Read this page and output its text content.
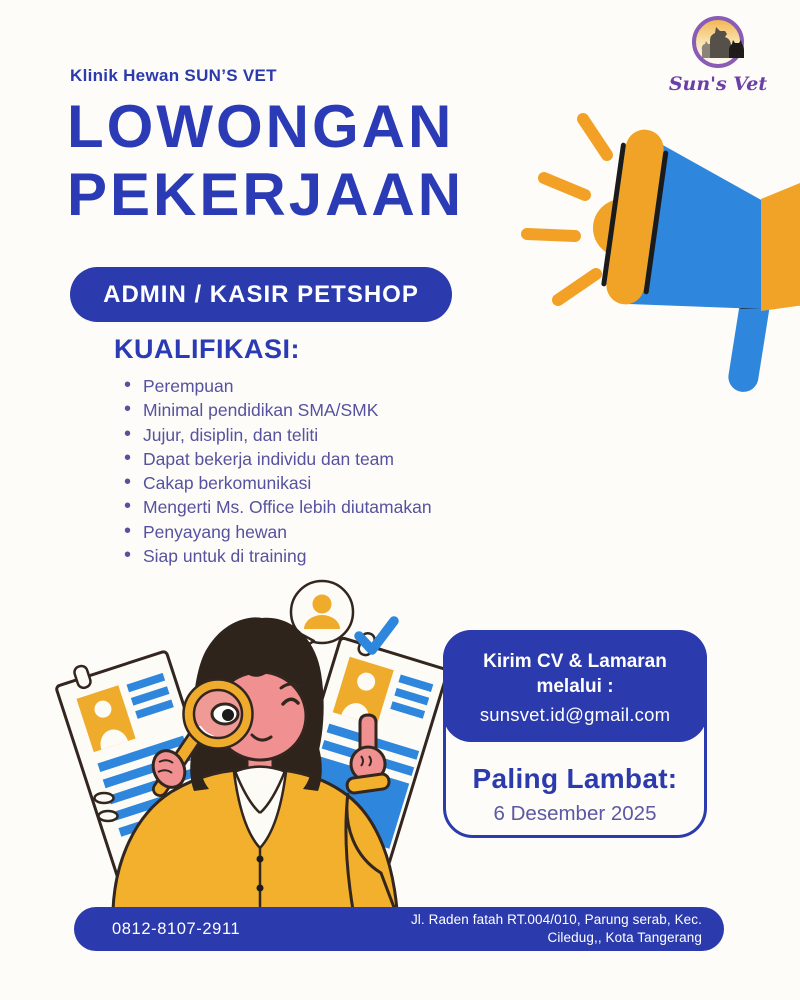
Klinik Hewan SUN’S VET	Sun's Vet
LOWONGAN
PEKERJAAN
ADMIN / KASIR PETSHOP
KUALIFIKASI:
• Perempuan
• Minimal pendidikan SMA/SMK
• Jujur, disiplin, dan teliti
• Dapat bekerja individu dan team
• Cakap berkomunikasi
• Mengerti Ms. Office lebih diutamakan
• Penyayang hewan
• Siap untuk di training
Kirim CV & Lamaran
melalui :
sunsvet.id@gmail.com
Paling Lambat:
6 Desember 2025
0812-8107-2911	Jl. Raden fatah RT.004/010, Parung serab, Kec.
Ciledug,, Kota Tangerang
